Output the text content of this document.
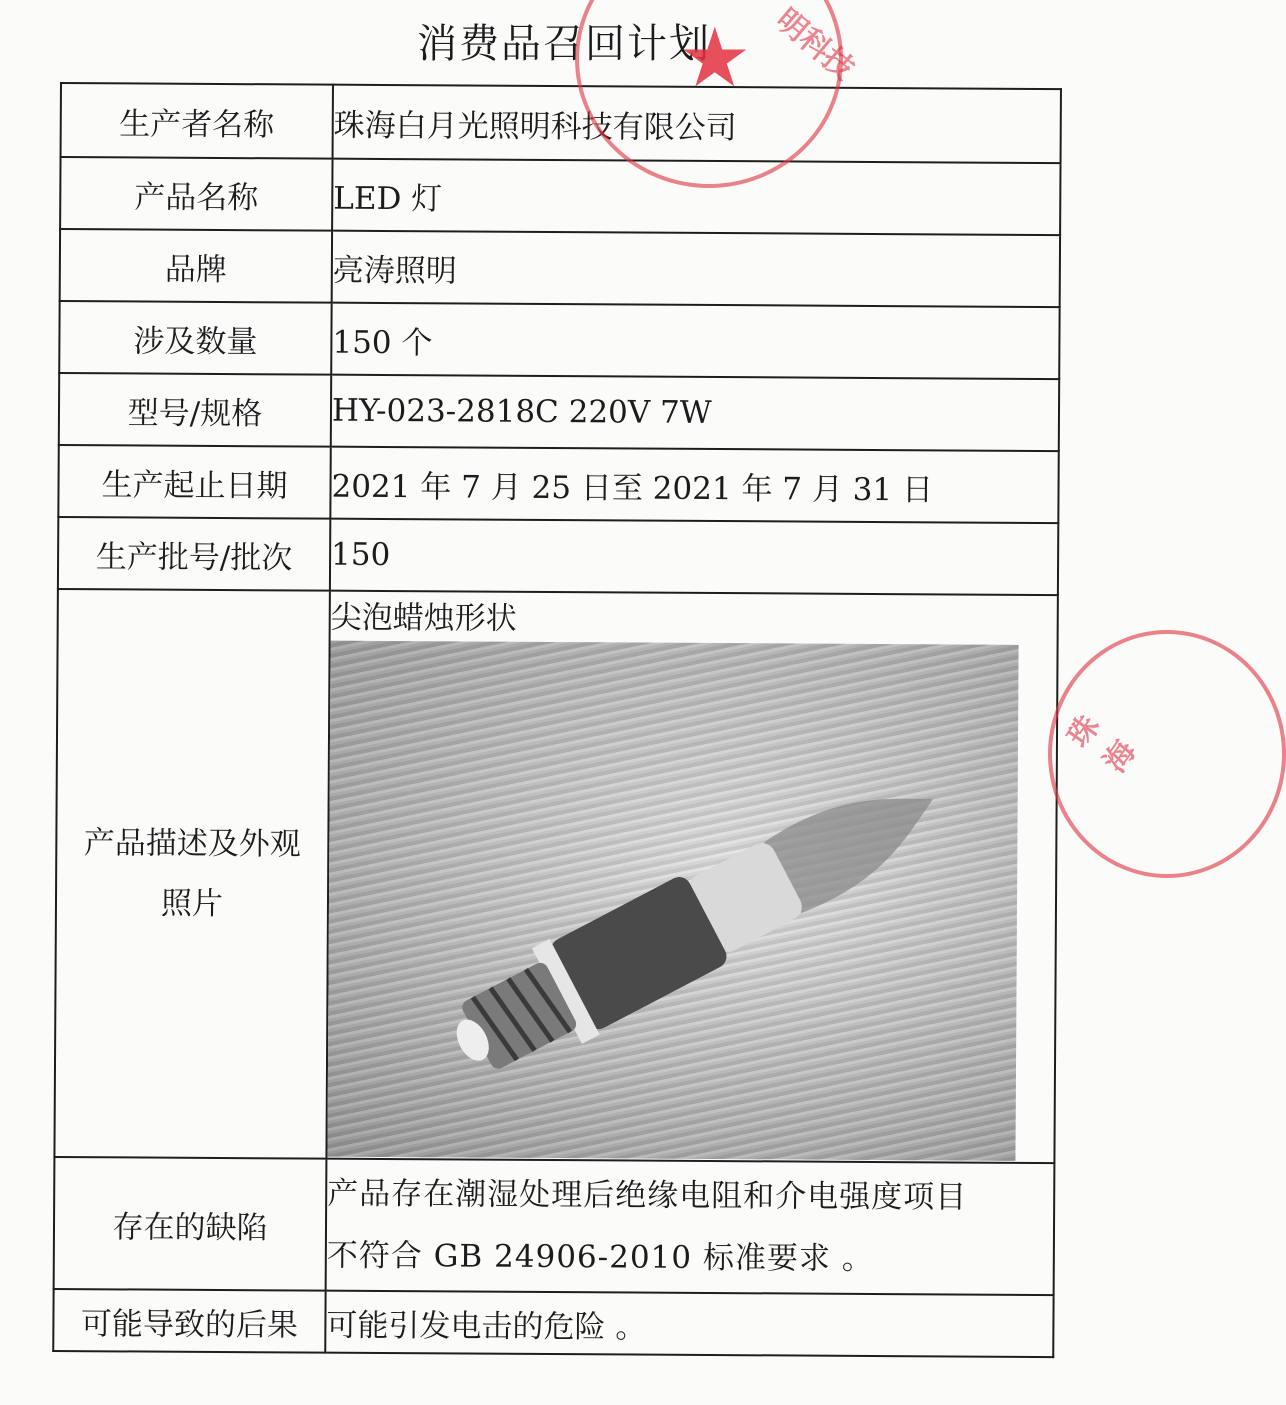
消费品召回计划
生产者名称	珠海白月光照明科技有限公司
产品名称	LED 灯
品牌	亮涛照明
涉及数量	150 个
型号/规格	HY-023-2818C 220V 7W
生产起止日期	2021 年 7 月 25 日至 2021 年 7 月 31 日
生产批号/批次	150

产品描述及外观
照片	尖泡蜡烛形状

存在的缺陷	产品存在潮湿处理后绝缘电阻和介电强度项目
不符合 GB 24906-2010 标准要求 。

可能导致的后果	可能引发电击的危险 。
★ 明科技
珠海
